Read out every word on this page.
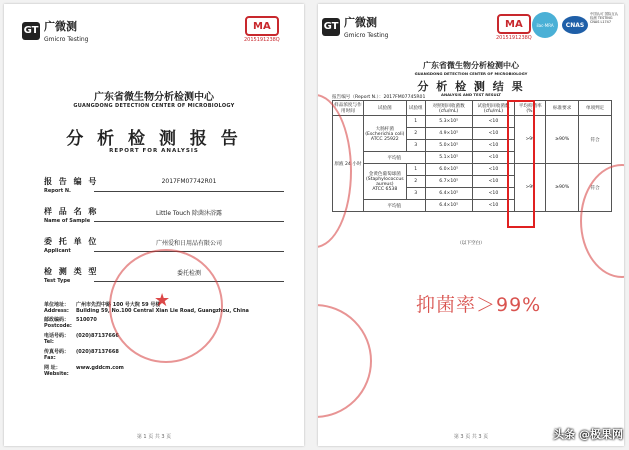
GT 广微测
Gmicro Testing
MA
2015191238Q
广东省微生物分析检测中心
GUANGDONG DETECTION CENTER OF MICROBIOLOGY
分 析 检 测 报 告
REPORT FOR ANALYSIS
报 告 编 号
Report N.
2017FM07742R01
样 品 名 称
Name of Sample
Little Touch 除菌沐浴露
委 托 单 位
Applicant
广州爱和日用品有限公司
检 测 类 型
Test Type
委托检测
单位地址： 广州市先烈中路 100 号大院 59 号楼
Address: Building 59, No.100 Central Xian Lie Road, Guangzhou, China
邮政编码： 510070
Postcode:
电话号码： (020)87137666
Tel:
传真号码： (020)87137668
Fax:
网 址：	www.gddcm.com
Website:
★
第 1 页 共 3 页
GT 广微测
Gmicro Testing
MA
2015191238Q
ilac-MRA CNAS
中国认可 国际互认 检测 TESTING CNAS L1747
广东省微生物分析检测中心
GUANGDONG DETECTION CENTER OF MICROBIOLOGY
分 析 检 测 结 果
ANALYSIS AND TEST RESULT
报告编号（Report N.）：2017FM07745R01
样品浓度与作用时间	试验菌	试验组	对照组回收菌数 (cfu/mL)	试验组回收菌数 (cfu/mL)	平均抑菌率 (%)	标准要求	单项判定
原液 24 小时	大肠杆菌
(Escherichia coli)
ATCC 25922	1	5.3×10⁵	<10	>99	≥90%	符合
		2	4.9×10⁵	<10			
		3	5.0×10⁵	<10			
	平均值		5.1×10⁵	<10			

	金黄色葡萄球菌
(Staphylococcus
aureus)
ATCC 6538	1	6.0×10⁵	<10	>99	≥90%	符合
		2	6.7×10⁵	<10			
		3	6.4×10⁵	<10			
	平均值		6.4×10⁵	<10			
（以下空白）
抑菌率＞99%
第 3 页 共 3 页	头条 @极果网
